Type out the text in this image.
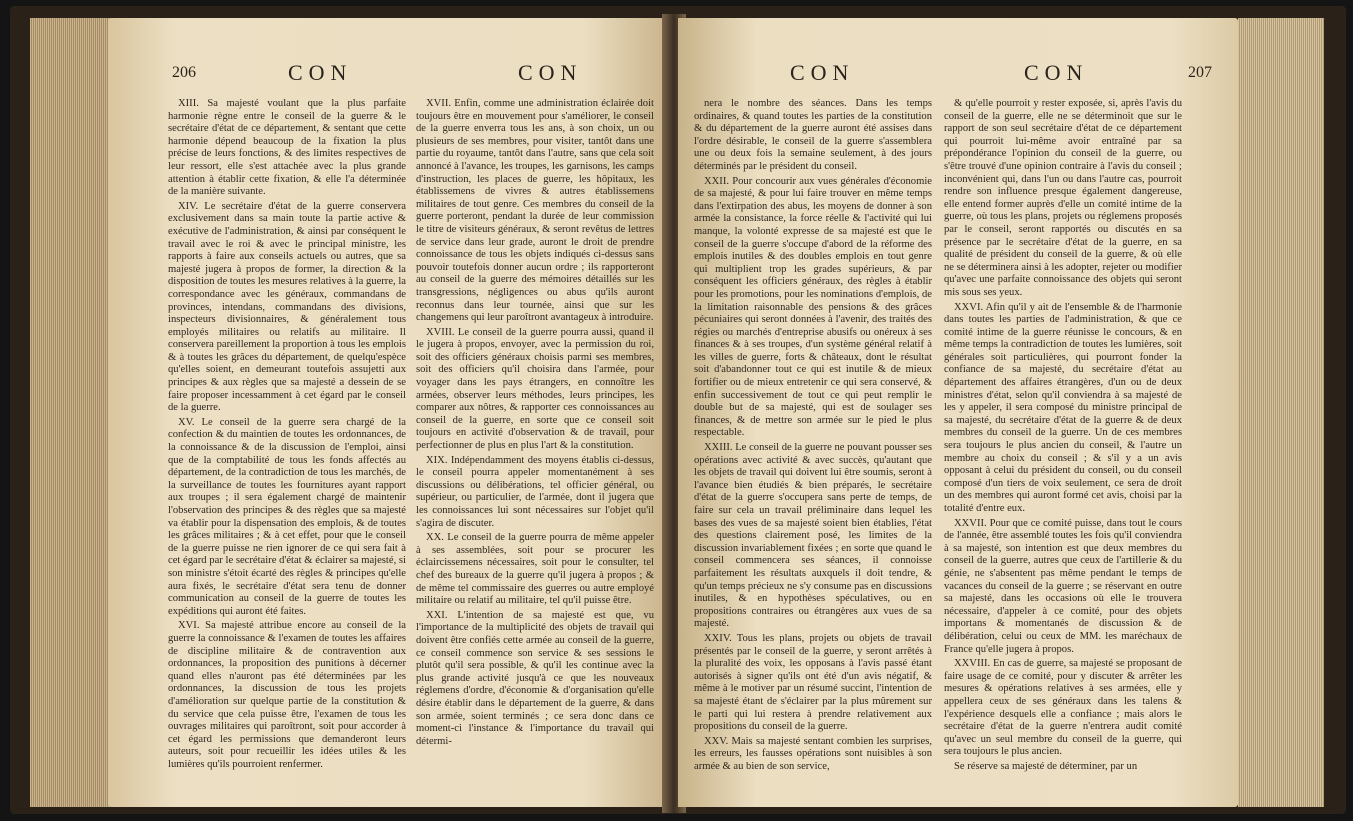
206	CON	CON

XIII. Sa majesté voulant que la plus parfaite harmonie règne entre le conseil de la guerre & le secrétaire d'état de ce département, & sentant que cette harmonie dépend beaucoup de la fixation la plus précise de leurs fonctions, & des limites respectives de leur ressort, elle s'est attachée avec la plus grande attention à établir cette fixation, & elle l'a déterminée de la manière suivante.

XIV. Le secrétaire d'état de la guerre conservera exclusivement dans sa main toute la partie active & exécutive de l'administration, & ainsi par conséquent le travail avec le roi & avec le principal ministre, les rapports à faire aux conseils actuels ou autres, que sa majesté jugera à propos de former, la direction & la disposition de toutes les mesures relatives à la guerre, la correspondance avec les généraux, commandans de provinces, intendans, commandans des divisions, inspecteurs divisionnaires, & généralement tous employés militaires ou relatifs au militaire. Il conservera pareillement la proportion à tous les emplois & à toutes les grâces du département, de quelqu'espèce qu'elles soient, en demeurant toutefois assujetti aux principes & aux règles que sa majesté a dessein de se faire proposer incessamment à cet égard par le conseil de la guerre.

XV. Le conseil de la guerre sera chargé de la confection & du maintien de toutes les ordonnances, de la connoissance & de la discussion de l'emploi, ainsi que de la comptabilité de tous les fonds affectés au département, de la contradiction de tous les marchés, de la surveillance de toutes les fournitures ayant rapport aux troupes ; il sera également chargé de maintenir l'observation des principes & des règles que sa majesté va établir pour la dispensation des emplois, & de toutes les grâces militaires ; & à cet effet, pour que le conseil de la guerre puisse ne rien ignorer de ce qui sera fait à cet égard par le secrétaire d'état & éclairer sa majesté, si son ministre s'étoit écarté des règles & principes qu'elle aura fixés, le secrétaire d'état sera tenu de donner communication au conseil de la guerre de toutes les expéditions qui auront été faites.

XVI. Sa majesté attribue encore au conseil de la guerre la connoissance & l'examen de toutes les affaires de discipline militaire & de contravention aux ordonnances, la proposition des punitions à décerner quand elles n'auront pas été déterminées par les ordonnances, la discussion de tous les projets d'amélioration sur quelque partie de la constitution & du service que cela puisse être, l'examen de tous les ouvrages militaires qui paroîtront, soit pour accorder à cet égard les permissions que demanderont leurs auteurs, soit pour recueillir les idées utiles & les lumières qu'ils pourroient renfermer.

XVII. Enfin, comme une administration éclairée doit toujours être en mouvement pour s'améliorer, le conseil de la guerre enverra tous les ans, à son choix, un ou plusieurs de ses membres, pour visiter, tantôt dans une partie du royaume, tantôt dans l'autre, sans que cela soit annoncé à l'avance, les troupes, les garnisons, les camps d'instruction, les places de guerre, les hôpitaux, les établissemens de vivres & autres établissemens militaires de tout genre. Ces membres du conseil de la guerre porteront, pendant la durée de leur commission le titre de visiteurs généraux, & seront revêtus de lettres de service dans leur grade, auront le droit de prendre connoissance de tous les objets indiqués ci-dessus sans pouvoir toutefois donner aucun ordre ; ils rapporteront au conseil de la guerre des mémoires détaillés sur les transgressions, négligences ou abus qu'ils auront reconnus dans leur tournée, ainsi que sur les changemens qui leur paroîtront avantageux à introduire.

XVIII. Le conseil de la guerre pourra aussi, quand il le jugera à propos, envoyer, avec la permission du roi, soit des officiers généraux choisis parmi ses membres, soit des officiers qu'il choisira dans l'armée, pour voyager dans les pays étrangers, en connoître les armées, observer leurs méthodes, leurs principes, les comparer aux nôtres, & rapporter ces connoissances au conseil de la guerre, en sorte que ce conseil soit toujours en activité d'observation & de travail, pour perfectionner de plus en plus l'art & la constitution.

XIX. Indépendamment des moyens établis ci-dessus, le conseil pourra appeler momentanément à ses discussions ou délibérations, tel officier général, ou supérieur, ou particulier, de l'armée, dont il jugera que les connoissances lui sont nécessaires sur l'objet qu'il s'agira de discuter.

XX. Le conseil de la guerre pourra de même appeler à ses assemblées, soit pour se procurer les éclaircissemens nécessaires, soit pour le consulter, tel chef des bureaux de la guerre qu'il jugera à propos ; & de même tel commissaire des guerres ou autre employé militaire ou relatif au militaire, tel qu'il puisse être.

XXI. L'intention de sa majesté est que, vu l'importance de la multiplicité des objets de travail qui doivent être confiés cette armée au conseil de la guerre, ce conseil commence son service & ses sessions le plutôt qu'il sera possible, & qu'il les continue avec la plus grande activité jusqu'à ce que les nouveaux réglemens d'ordre, d'économie & d'organisation qu'elle désire établir dans le département de la guerre, & dans son armée, soient terminés ; ce sera donc dans ce moment-ci l'instance & l'importance du travail qui détermi-

CON	CON	207

nera le nombre des séances. Dans les temps ordinaires, & quand toutes les parties de la constitution & du département de la guerre auront été assises dans l'ordre désirable, le conseil de la guerre s'assemblera une ou deux fois la semaine seulement, à des jours déterminés par le président du conseil.

XXII. Pour concourir aux vues générales d'économie de sa majesté, & pour lui faire trouver en même temps dans l'extirpation des abus, les moyens de donner à son armée la consistance, la force réelle & l'activité qui lui manque, la volonté expresse de sa majesté est que le conseil de la guerre s'occupe d'abord de la réforme des emplois inutiles & des doubles emplois en tout genre qui multiplient trop les grades supérieurs, & par conséquent les officiers généraux, des règles à établir pour les promotions, pour les nominations d'emplois, de la limitation raisonnable des pensions & des grâces pécuniaires qui seront données à l'avenir, des traités des régies ou marchés d'entreprise abusifs ou onéreux à ses finances & à ses troupes, d'un système général relatif à les villes de guerre, forts & châteaux, dont le résultat soit d'abandonner tout ce qui est inutile & de mieux fortifier ou de mieux entretenir ce qui sera conservé, & enfin successivement de tout ce qui peut remplir le double but de sa majesté, qui est de soulager ses finances, & de mettre son armée sur le pied le plus respectable.

XXIII. Le conseil de la guerre ne pouvant pousser ses opérations avec activité & avec succès, qu'autant que les objets de travail qui doivent lui être soumis, seront à l'avance bien étudiés & bien préparés, le secrétaire d'état de la guerre s'occupera sans perte de temps, de faire sur cela un travail préliminaire dans lequel les bases des vues de sa majesté soient bien établies, l'état des questions clairement posé, les limites de la discussion invariablement fixées ; en sorte que quand le conseil commencera ses séances, il connoisse parfaitement les résultats auxquels il doit tendre, & qu'un temps précieux ne s'y consume pas en discussions inutiles, & en hypothèses spéculatives, ou en propositions contraires ou étrangères aux vues de sa majesté.

XXIV. Tous les plans, projets ou objets de travail présentés par le conseil de la guerre, y seront arrêtés à la pluralité des voix, les opposans à l'avis passé étant autorisés à signer qu'ils ont été d'un avis négatif, & même à le motiver par un résumé succint, l'intention de sa majesté étant de s'éclairer par la plus mûrement sur le parti qui lui restera à prendre relativement aux propositions du conseil de la guerre.

XXV. Mais sa majesté sentant combien les surprises, les erreurs, les fausses opérations sont nuisibles à son armée & au bien de son service,

& qu'elle pourroit y rester exposée, si, après l'avis du conseil de la guerre, elle ne se déterminoit que sur le rapport de son seul secrétaire d'état de ce département qui pourroit lui-même avoir entraîné par sa prépondérance l'opinion du conseil de la guerre, ou s'être trouvé d'une opinion contraire à l'avis du conseil ; inconvénient qui, dans l'un ou dans l'autre cas, pourroit rendre son influence presque également dangereuse, elle entend former auprès d'elle un comité intime de la guerre, où tous les plans, projets ou réglemens proposés par le conseil, seront rapportés ou discutés en sa présence par le secrétaire d'état de la guerre, en sa qualité de président du conseil de la guerre, & où elle ne se déterminera ainsi à les adopter, rejeter ou modifier qu'avec une parfaite connoissance des objets qui seront mis sous ses yeux.

XXVI. Afin qu'il y ait de l'ensemble & de l'harmonie dans toutes les parties de l'administration, & que ce comité intime de la guerre réunisse le concours, & en même temps la contradiction de toutes les lumières, soit générales soit particulières, qui pourront fonder la confiance de sa majesté, du secrétaire d'état au département des affaires étrangères, d'un ou de deux ministres d'état, selon qu'il conviendra à sa majesté de les y appeler, il sera composé du ministre principal de sa majesté, du secrétaire d'état de la guerre & de deux membres du conseil de la guerre. Un de ces membres sera toujours le plus ancien du conseil, & l'autre un membre au choix du conseil ; & s'il y a un avis opposant à celui du président du conseil, ou du conseil composé d'un tiers de voix seulement, ce sera de droit un des membres qui auront formé cet avis, choisi par la totalité d'entre eux.

XXVII. Pour que ce comité puisse, dans tout le cours de l'année, être assemblé toutes les fois qu'il conviendra à sa majesté, son intention est que deux membres du conseil de la guerre, autres que ceux de l'artillerie & du génie, ne s'absentent pas même pendant le temps de vacances du conseil de la guerre ; se réservant en outre sa majesté, dans les occasions où elle le trouvera nécessaire, d'appeler à ce comité, pour des objets importans & momentanés de discussion & de délibération, celui ou ceux de MM. les maréchaux de France qu'elle jugera à propos.

XXVIII. En cas de guerre, sa majesté se proposant de faire usage de ce comité, pour y discuter & arrêter les mesures & opérations relatives à ses armées, elle y appellera ceux de ses généraux dans les talens & l'expérience desquels elle a confiance ; mais alors le secrétaire d'état de la guerre n'entrera audit comité qu'avec un seul membre du conseil de la guerre, qui sera toujours le plus ancien.

Se réserve sa majesté de déterminer, par un
